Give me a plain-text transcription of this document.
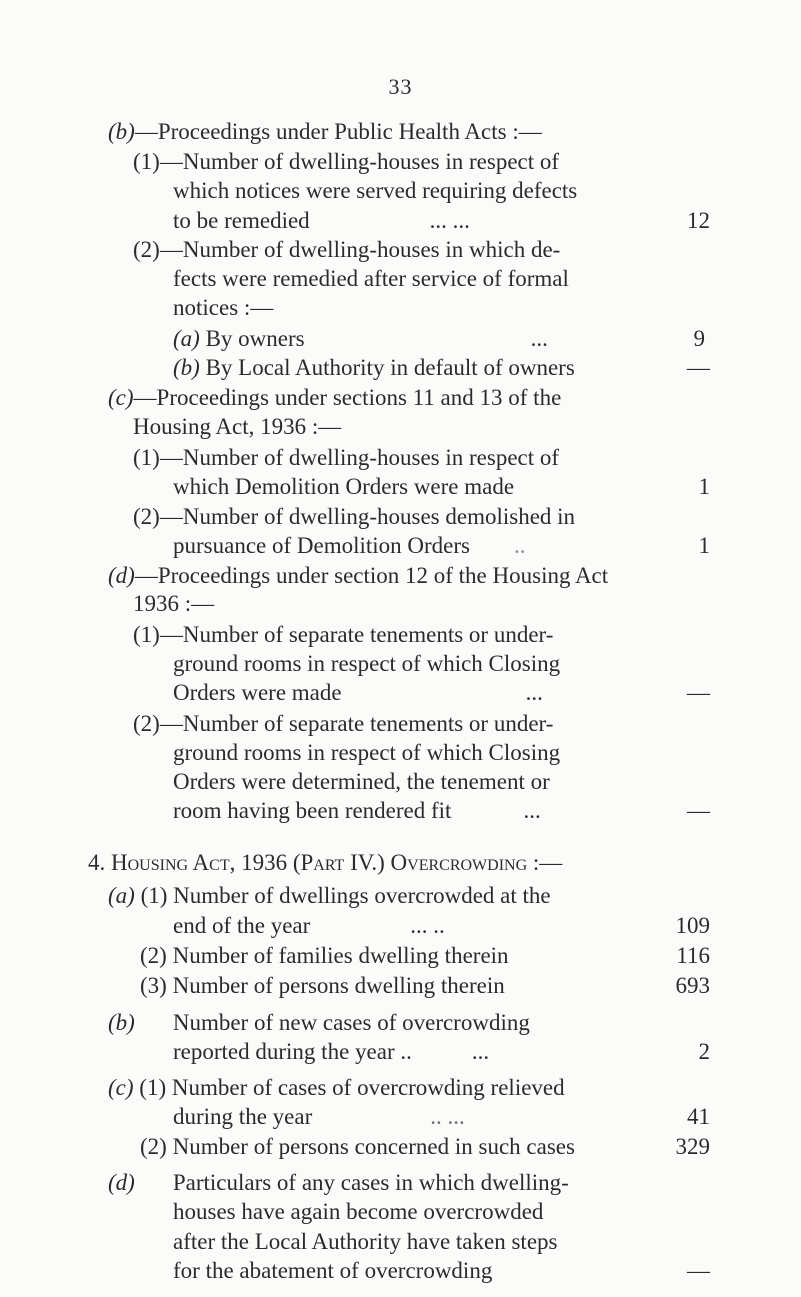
33
(b)—Proceedings under Public Health Acts :—
(1)—Number of dwelling-houses in respect of
which notices were served requiring defects
to be remedied	... ...	12
(2)—Number of dwelling-houses in which de-
fects were remedied after service of formal
notices :—
(a) By owners	...	9
(b) By Local Authority in default of owners	—
(c)—Proceedings under sections 11 and 13 of the
Housing Act, 1936 :—
(1)—Number of dwelling-houses in respect of
which Demolition Orders were made	1
(2)—Number of dwelling-houses demolished in
pursuance of Demolition Orders ..	1
(d)—Proceedings under section 12 of the Housing Act
1936 :—
(1)—Number of separate tenements or under-
ground rooms in respect of which Closing
Orders were made	...	—
(2)—Number of separate tenements or under-
ground rooms in respect of which Closing
Orders were determined, the tenement or
room having been rendered fit	...	—
4. Housing Act, 1936 (Part IV.) Overcrowding :—
(a) (1) Number of dwellings overcrowded at the
end of the year	... ..	109
(2) Number of families dwelling therein	116
(3) Number of persons dwelling therein	693
(b) Number of new cases of overcrowding
reported during the year ..	...	2
(c) (1) Number of cases of overcrowding relieved
during the year	.. ...	41
(2) Number of persons concerned in such cases	329
(d) Particulars of any cases in which dwelling-
houses have again become overcrowded
after the Local Authority have taken steps
for the abatement of overcrowding	—
